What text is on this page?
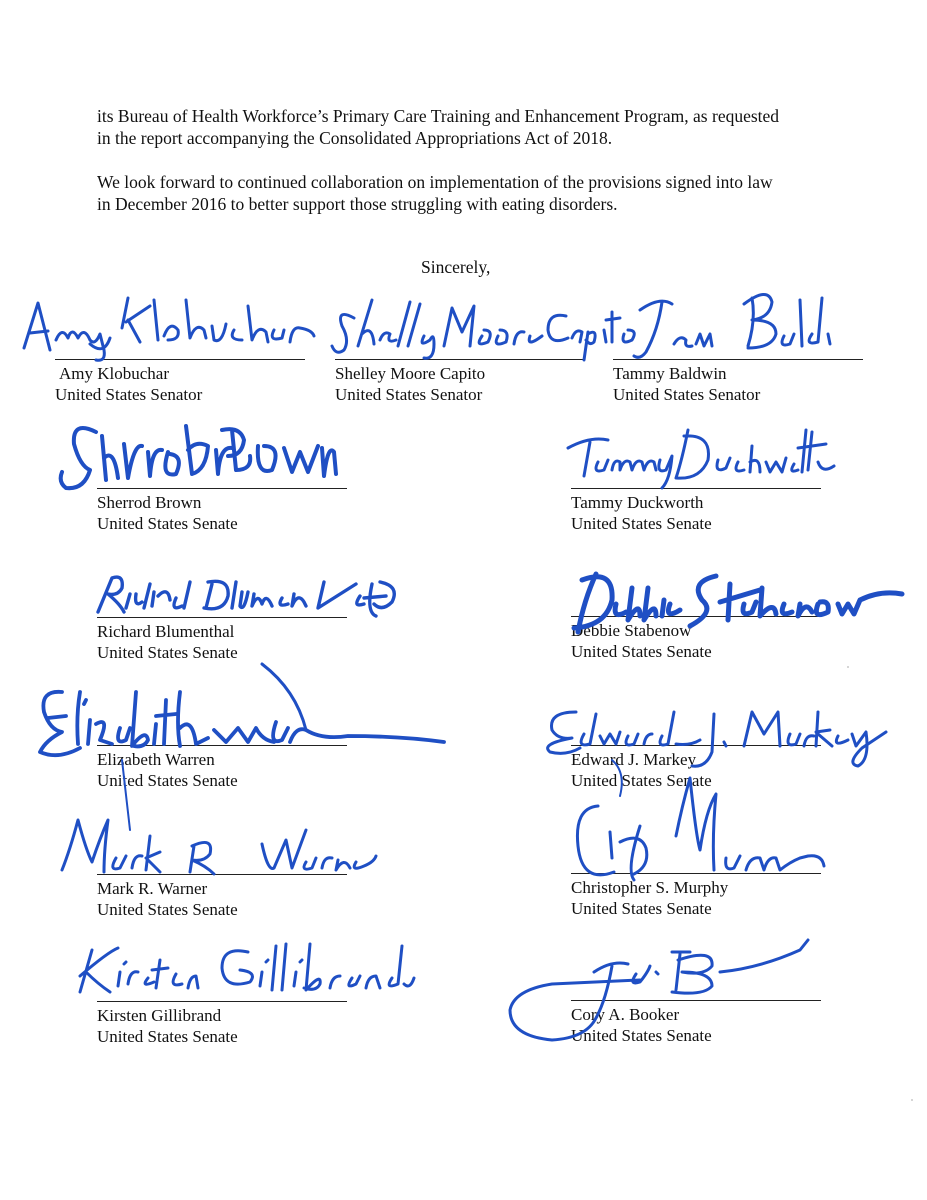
its Bureau of Health Workforce’s Primary Care Training and Enhancement Program, as requested
in the report accompanying the Consolidated Appropriations Act of 2018.

We look forward to continued collaboration on implementation of the provisions signed into law
in December 2016 to better support those struggling with eating disorders.

Sincerely,
Amy Klobuchar
United States Senator
Shelley Moore Capito
United States Senator
Tammy Baldwin
United States Senator
Sherrod Brown
United States Senate
Tammy Duckworth
United States Senate
Richard Blumenthal
United States Senate
Debbie Stabenow
United States Senate
Elizabeth Warren
United States Senate
Edward J. Markey
United States Senate
Mark R. Warner
United States Senate
Christopher S. Murphy
United States Senate
Kirsten Gillibrand
United States Senate
Cory A. Booker
United States Senate
